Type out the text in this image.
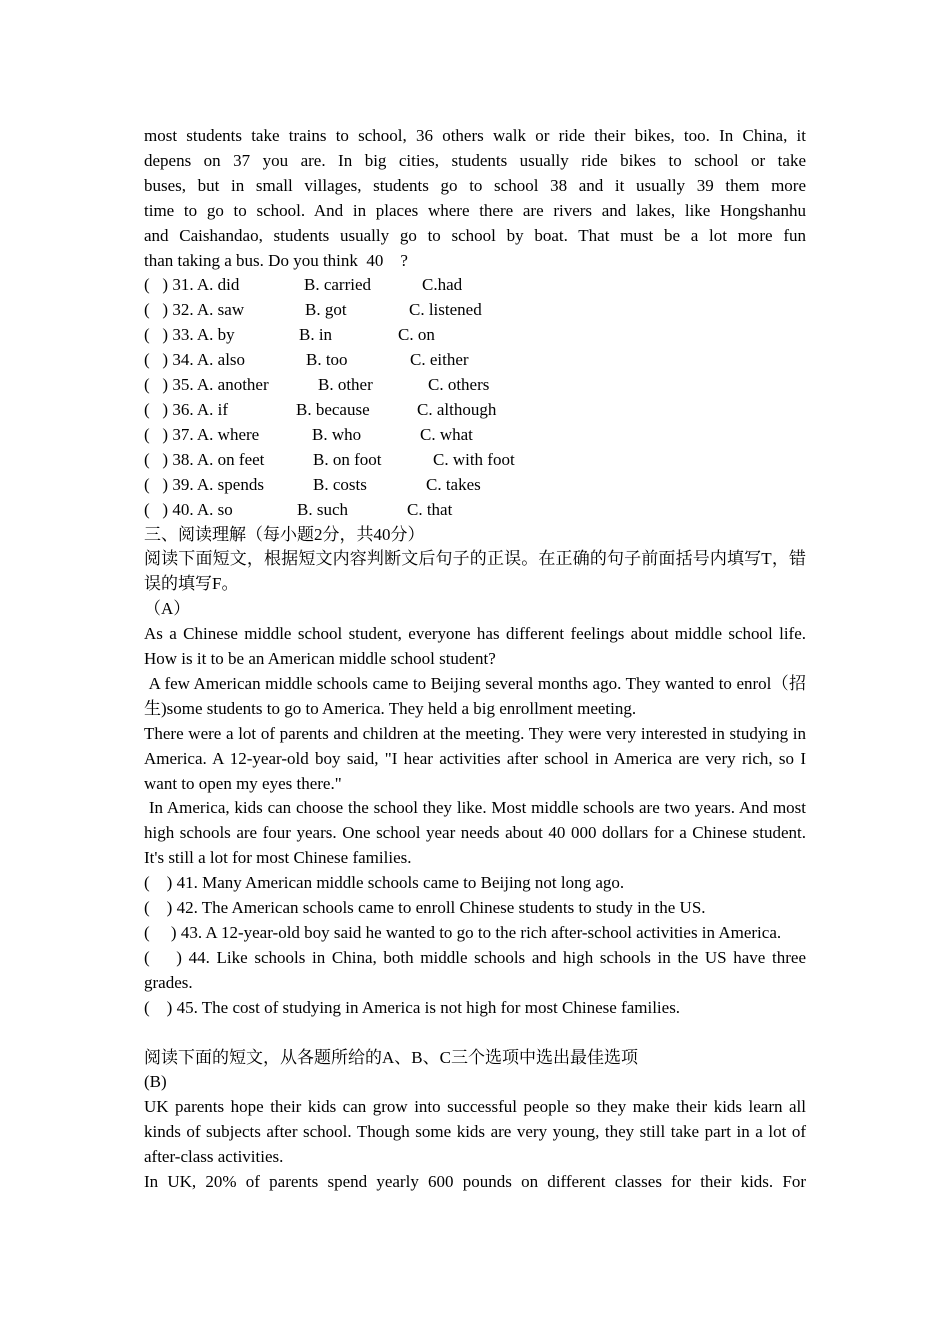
most students take trains to school, 36 others walk or ride their bikes, too. In China, it

depens on 37 you are. In big cities, students usually ride bikes to school or take

buses, but in small villages, students go to school 38 and it usually 39 them more

time to go to school. And in places where there are rivers and lakes, like Hongshanhu

and Caishandao, students usually go to school by boat. That must be a lot more fun

than taking a bus. Do you think  40    ?

(   ) 31. A. did	B. carried	C.had
(   ) 32. A. saw	B. got	C. listened
(   ) 33. A. by	B. in	C. on
(   ) 34. A. also	B. too	C. either
(   ) 35. A. another	B. other	C. others
(   ) 36. A. if	B. because	C. although
(   ) 37. A. where	B. who	C. what
(   ) 38. A. on feet	B. on foot	C. with foot
(   ) 39. A. spends	B. costs	C. takes
(   ) 40. A. so	B. such	C. that

三、阅读理解（每小题2分，共40分）

阅读下面短文，根据短文内容判断文后句子的正误。在正确的句子前面括号内填写T，错误的填写F。

（A）

As a Chinese middle school student, everyone has different feelings about middle school life. How is it to be an American middle school student?

A few American middle schools came to Beijing several months ago. They wanted to enrol（招生)some students to go to America. They held a big enrollment meeting.

There were a lot of parents and children at the meeting. They were very interested in studying in America. A 12-year-old boy said, "I hear activities after school in America are very rich, so I want to open my eyes there."

In America, kids can choose the school they like. Most middle schools are two years. And most high schools are four years. One school year needs about 40 000 dollars for a Chinese student. It's still a lot for most Chinese families.

(    ) 41. Many American middle schools came to Beijing not long ago.

(    ) 42. The American schools came to enroll Chinese students to study in the US.

(     ) 43. A 12-year-old boy said he wanted to go to the rich after-school activities in America.

(    ) 44. Like schools in China, both middle schools and high schools in the US have three grades.

(    ) 45. The cost of studying in America is not high for most Chinese families.

阅读下面的短文，从各题所给的A、B、C三个选项中选出最佳选项

(B)

UK parents hope their kids can grow into successful people so they make their kids learn all kinds of subjects after school. Though some kids are very young, they still take part in a lot of after-class activities.

In UK, 20% of parents spend yearly 600 pounds on different classes for their kids. For
